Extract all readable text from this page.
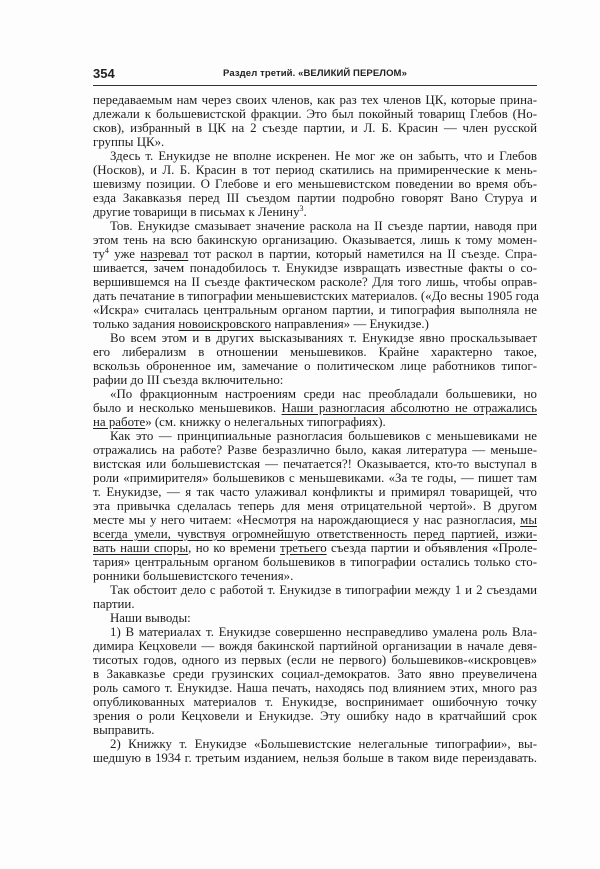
354	Раздел третий. «ВЕЛИКИЙ ПЕРЕЛОМ»
передаваемым нам через своих членов, как раз тех членов ЦК, которые прина-
длежали к большевистской фракции. Это был покойный товарищ Глебов (Но-
сков), избранный в ЦК на 2 съезде партии, и Л. Б. Красин — член русской
группы ЦК».
Здесь т. Енукидзе не вполне искренен. Не мог же он забыть, что и Глебов
(Носков), и Л. Б. Красин в тот период скатились на примиренческие к мень-
шевизму позиции. О Глебове и его меньшевистском поведении во время объ-
езда Закавказья перед III съездом партии подробно говорят Вано Стуруа и
другие товарищи в письмах к Ленину$^3$.
Тов. Енукидзе смазывает значение раскола на II съезде партии, наводя при
этом тень на всю бакинскую организацию. Оказывается, лишь к тому момен-
$ту^4$ уже назревал тот раскол в партии, который наметился на II съезде. Спра-
шивается, зачем понадобилось т. Енукидзе извращать известные факты о со-
вершившемся на II съезде фактическом расколе? Для того лишь, чтобы оправ-
дать печатание в типографии меньшевистских материалов. («До весны 1905 года
«Искра» считалась центральным органом партии, и типография выполняла не
только задания новоискровского направления» — Енукидзе.)
Во всем этом и в других высказываниях т. Енукидзе явно проскальзывает
его либерализм в отношении меньшевиков. Крайне характерно такое,
вскользь оброненное им, замечание о политическом лице работников типог-
рафии до III съезда включительно:
«По фракционным настроениям среди нас преобладали большевики, но
было и несколько меньшевиков. Наши разногласия абсолютно не отражались
на работе» (см. книжку о нелегальных типографиях).
Как это — принципиальные разногласия большевиков с меньшевиками не
отражались на работе? Разве безразлично было, какая литература — меньше-
вистская или большевистская — печатается?! Оказывается, кто-то выступал в
роли «примирителя» большевиков с меньшевиками. «За те годы, — пишет там
т. Енукидзе, — я так часто улаживал конфликты и примирял товарищей, что
эта привычка сделалась теперь для меня отрицательной чертой». В другом
месте мы у него читаем: «Несмотря на нарождающиеся у нас разногласия, мы
всегда умели, чувствуя огромнейшую ответственность перед партией, изжи-
вать наши споры, но ко времени третьего съезда партии и объявления «Проле-
тария» центральным органом большевиков в типографии остались только сто-
ронники большевистского течения».
Так обстоит дело с работой т. Енукидзе в типографии между 1 и 2 съездами
партии.
Наши выводы:
1) В материалах т. Енукидзе совершенно несправедливо умалена роль Вла-
димира Кецховели — вождя бакинской партийной организации в начале девя-
тисотых годов, одного из первых (если не первого) большевиков-«искровцев»
в Закавказье среди грузинских социал-демократов. Зато явно преувеличена
роль самого т. Енукидзе. Наша печать, находясь под влиянием этих, много раз
опубликованных материалов т. Енукидзе, воспринимает ошибочную точку
зрения о роли Кецховели и Енукидзе. Эту ошибку надо в кратчайший срок
выправить.
2) Книжку т. Енукидзе «Большевистские нелегальные типографии», вы-
шедшую в 1934 г. третьим изданием, нельзя больше в таком виде переиздавать.
